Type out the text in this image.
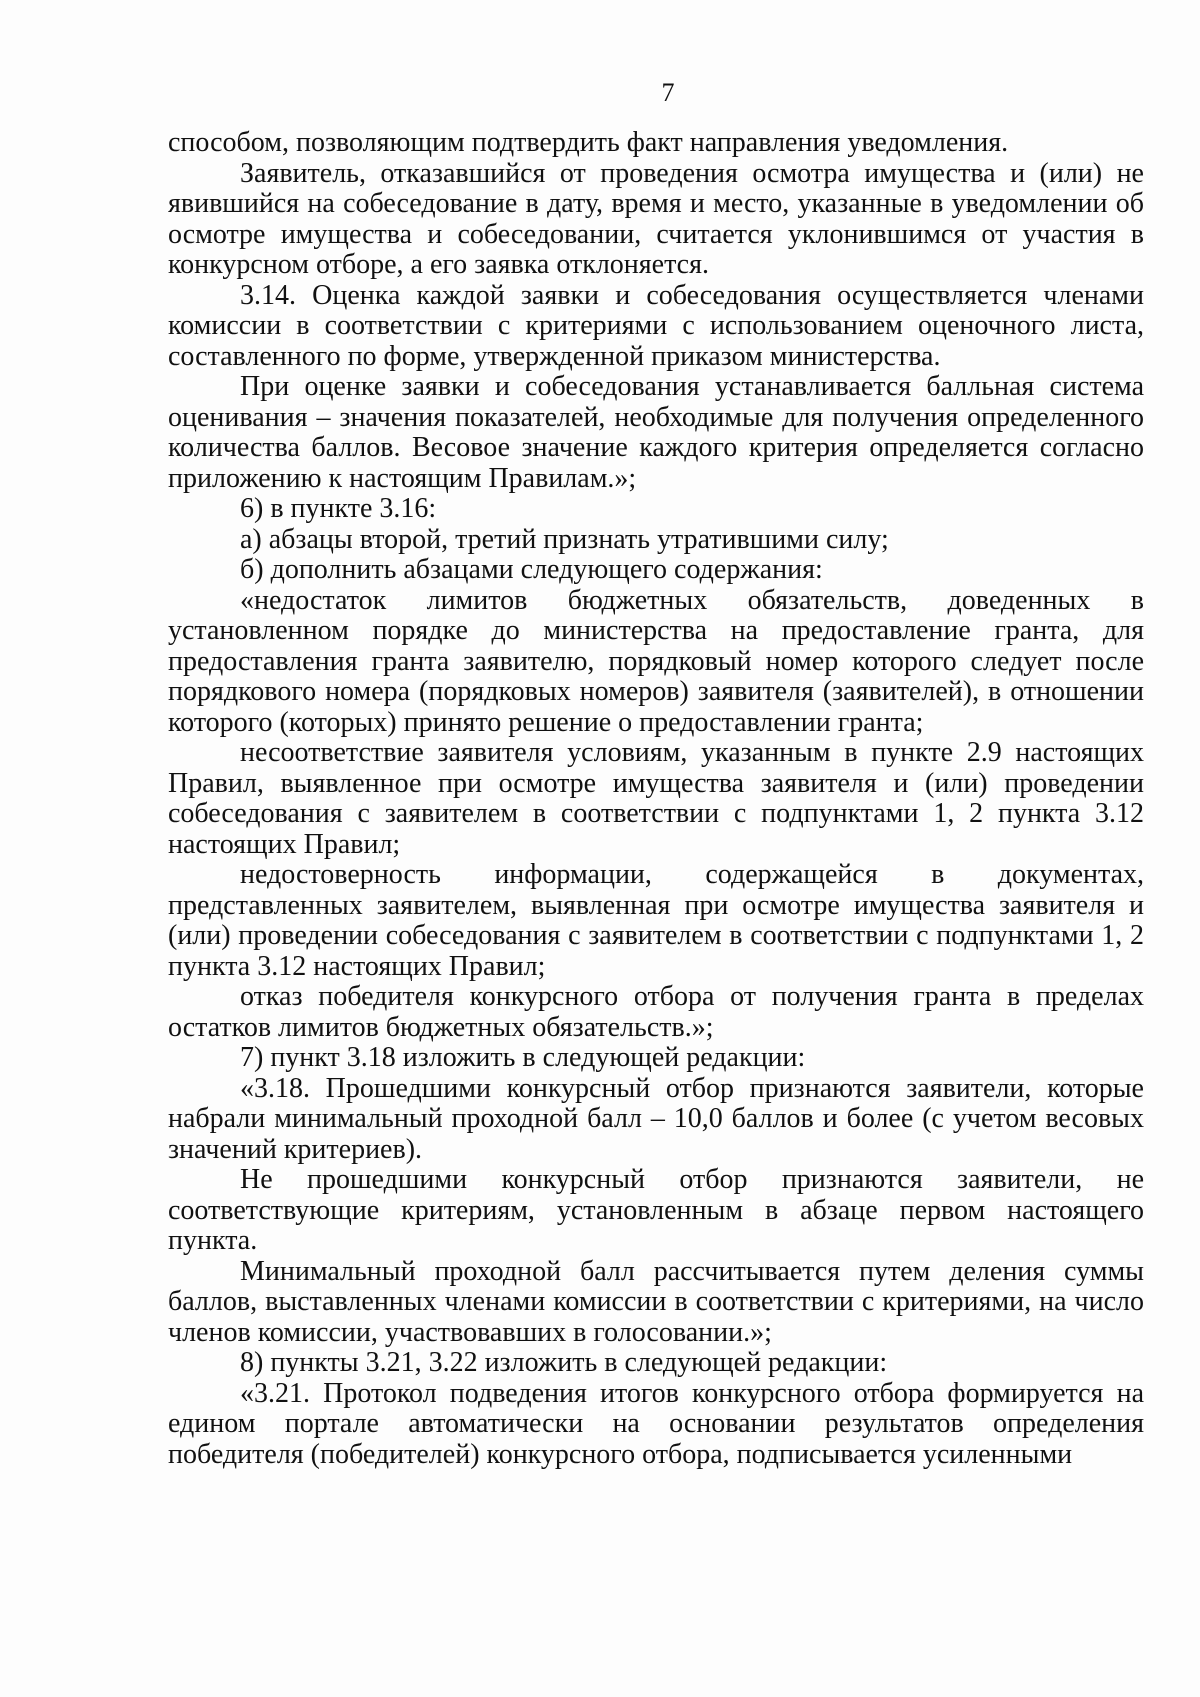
7

способом, позволяющим подтвердить факт направления уведомления.

Заявитель, отказавшийся от проведения осмотра имущества и (или) не явившийся на собеседование в дату, время и место, указанные в уведомлении об осмотре имущества и собеседовании, считается уклонившимся от участия в конкурсном отборе, а его заявка отклоняется.

3.14. Оценка каждой заявки и собеседования осуществляется членами комиссии в соответствии с критериями с использованием оценочного листа, составленного по форме, утвержденной приказом министерства.

При оценке заявки и собеседования устанавливается балльная система оценивания – значения показателей, необходимые для получения определенного количества баллов. Весовое значение каждого критерия определяется согласно приложению к настоящим Правилам.»;

6) в пункте 3.16:

а) абзацы второй, третий признать утратившими силу;

б) дополнить абзацами следующего содержания:

«недостаток лимитов бюджетных обязательств, доведенных в установленном порядке до министерства на предоставление гранта, для предоставления гранта заявителю, порядковый номер которого следует после порядкового номера (порядковых номеров) заявителя (заявителей), в отношении которого (которых) принято решение о предоставлении гранта;

несоответствие заявителя условиям, указанным в пункте 2.9 настоящих Правил, выявленное при осмотре имущества заявителя и (или) проведении собеседования с заявителем в соответствии с подпунктами 1, 2 пункта 3.12 настоящих Правил;

недостоверность информации, содержащейся в документах, представленных заявителем, выявленная при осмотре имущества заявителя и (или) проведении собеседования с заявителем в соответствии с подпунктами 1, 2 пункта 3.12 настоящих Правил;

отказ победителя конкурсного отбора от получения гранта в пределах остатков лимитов бюджетных обязательств.»;

7) пункт 3.18 изложить в следующей редакции:

«3.18. Прошедшими конкурсный отбор признаются заявители, которые набрали минимальный проходной балл – 10,0 баллов и более (с учетом весовых значений критериев).

Не прошедшими конкурсный отбор признаются заявители, не соответствующие критериям, установленным в абзаце первом настоящего пункта.

Минимальный проходной балл рассчитывается путем деления суммы баллов, выставленных членами комиссии в соответствии с критериями, на число членов комиссии, участвовавших в голосовании.»;

8) пункты 3.21, 3.22 изложить в следующей редакции:

«3.21. Протокол подведения итогов конкурсного отбора формируется на едином портале автоматически на основании результатов определения победителя (победителей) конкурсного отбора, подписывается усиленными
